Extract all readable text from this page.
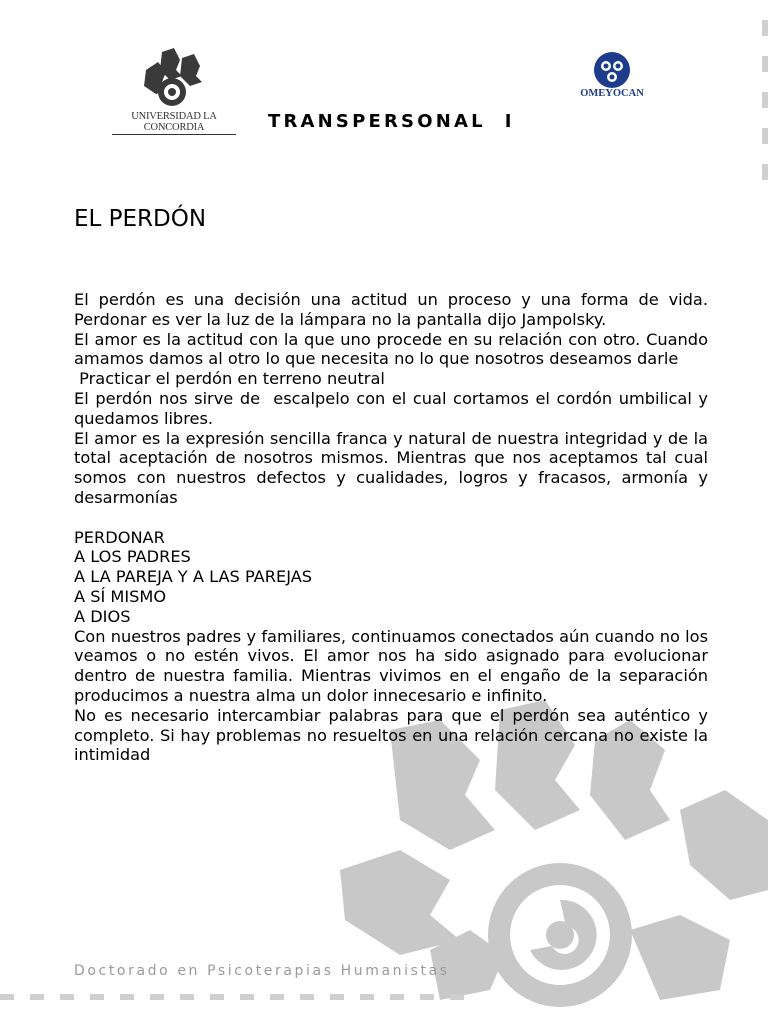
UNIVERSIDAD LA CONCORDIA
OMEYOCAN
TRANSPERSONAL  I
EL PERDÓN

El perdón es una decisión una actitud un proceso y una forma de vida. Perdonar es ver la luz de la lámpara no la pantalla dijo Jampolsky.

El amor es la actitud con la que uno procede en su relación con otro. Cuando amamos damos al otro lo que necesita no lo que nosotros deseamos darle

Practicar el perdón en terreno neutral

El perdón nos sirve de  escalpelo con el cual cortamos el cordón umbilical y quedamos libres.

El amor es la expresión sencilla franca y natural de nuestra integridad y de la total aceptación de nosotros mismos. Mientras que nos aceptamos tal cual somos con nuestros defectos y cualidades, logros y fracasos, armonía y desarmonías

PERDONAR

A LOS PADRES

A LA PAREJA Y A LAS PAREJAS

A SÍ MISMO

A DIOS

Con nuestros padres y familiares, continuamos conectados aún cuando no los veamos o no estén vivos. El amor nos ha sido asignado para evolucionar dentro de nuestra familia. Mientras vivimos en el engaño de la separación producimos a nuestra alma un dolor innecesario e infinito.

No es necesario intercambiar palabras para que el perdón sea auténtico y completo. Si hay problemas no resueltos en una relación cercana no existe la intimidad

Doctorado en Psicoterapias Humanistas
